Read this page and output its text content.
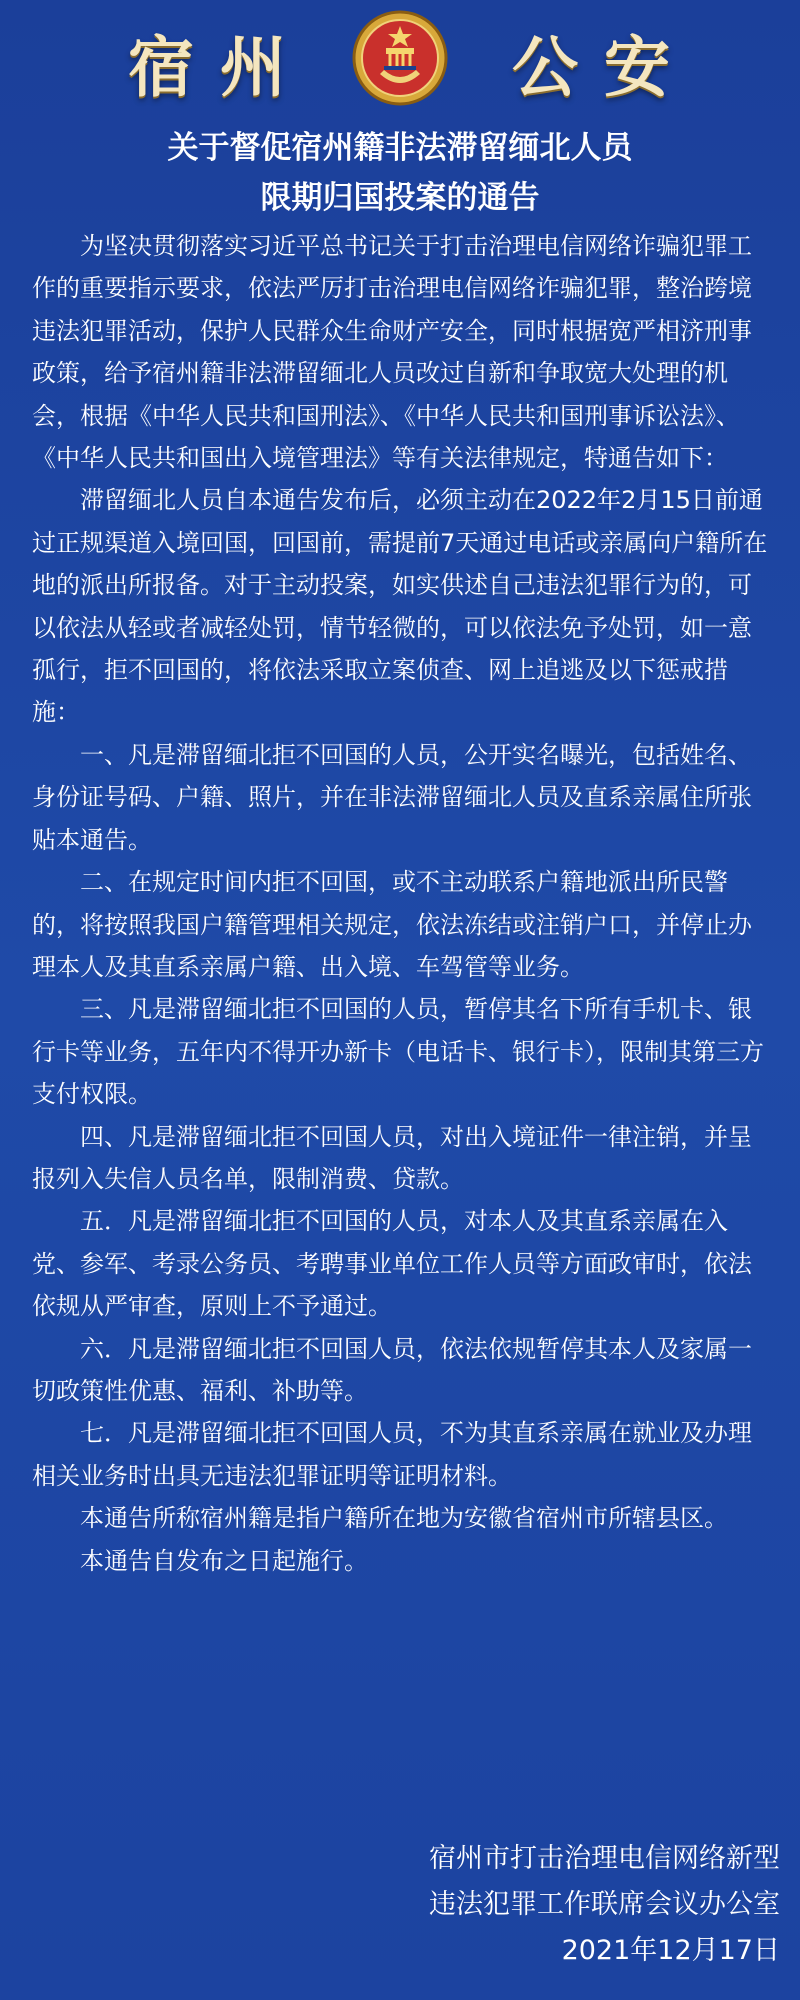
宿州	公安
关于督促宿州籍非法滞留缅北人员
限期归国投案的通告

为坚决贯彻落实习近平总书记关于打击治理电信网络诈骗犯罪工作的重要指示要求，依法严厉打击治理电信网络诈骗犯罪，整治跨境违法犯罪活动，保护人民群众生命财产安全，同时根据宽严相济刑事政策，给予宿州籍非法滞留缅北人员改过自新和争取宽大处理的机会，根据《中华人民共和国刑法》、《中华人民共和国刑事诉讼法》、《中华人民共和国出入境管理法》等有关法律规定，特通告如下：

滞留缅北人员自本通告发布后，必须主动在2022年2月15日前通过正规渠道入境回国，回国前，需提前7天通过电话或亲属向户籍所在地的派出所报备。对于主动投案，如实供述自己违法犯罪行为的，可以依法从轻或者减轻处罚，情节轻微的，可以依法免予处罚，如一意孤行，拒不回国的，将依法采取立案侦查、网上追逃及以下惩戒措施：

一、凡是滞留缅北拒不回国的人员，公开实名曝光，包括姓名、身份证号码、户籍、照片，并在非法滞留缅北人员及直系亲属住所张贴本通告。

二、在规定时间内拒不回国，或不主动联系户籍地派出所民警的，将按照我国户籍管理相关规定，依法冻结或注销户口，并停止办理本人及其直系亲属户籍、出入境、车驾管等业务。

三、凡是滞留缅北拒不回国的人员，暂停其名下所有手机卡、银行卡等业务，五年内不得开办新卡（电话卡、银行卡），限制其第三方支付权限。

四、凡是滞留缅北拒不回国人员，对出入境证件一律注销，并呈报列入失信人员名单，限制消费、贷款。

五．凡是滞留缅北拒不回国的人员，对本人及其直系亲属在入党、参军、考录公务员、考聘事业单位工作人员等方面政审时，依法依规从严审查，原则上不予通过。

六．凡是滞留缅北拒不回国人员，依法依规暂停其本人及家属一切政策性优惠、福利、补助等。

七．凡是滞留缅北拒不回国人员，不为其直系亲属在就业及办理相关业务时出具无违法犯罪证明等证明材料。

本通告所称宿州籍是指户籍所在地为安徽省宿州市所辖县区。

本通告自发布之日起施行。

宿州市打击治理电信网络新型
违法犯罪工作联席会议办公室
2021年12月17日
